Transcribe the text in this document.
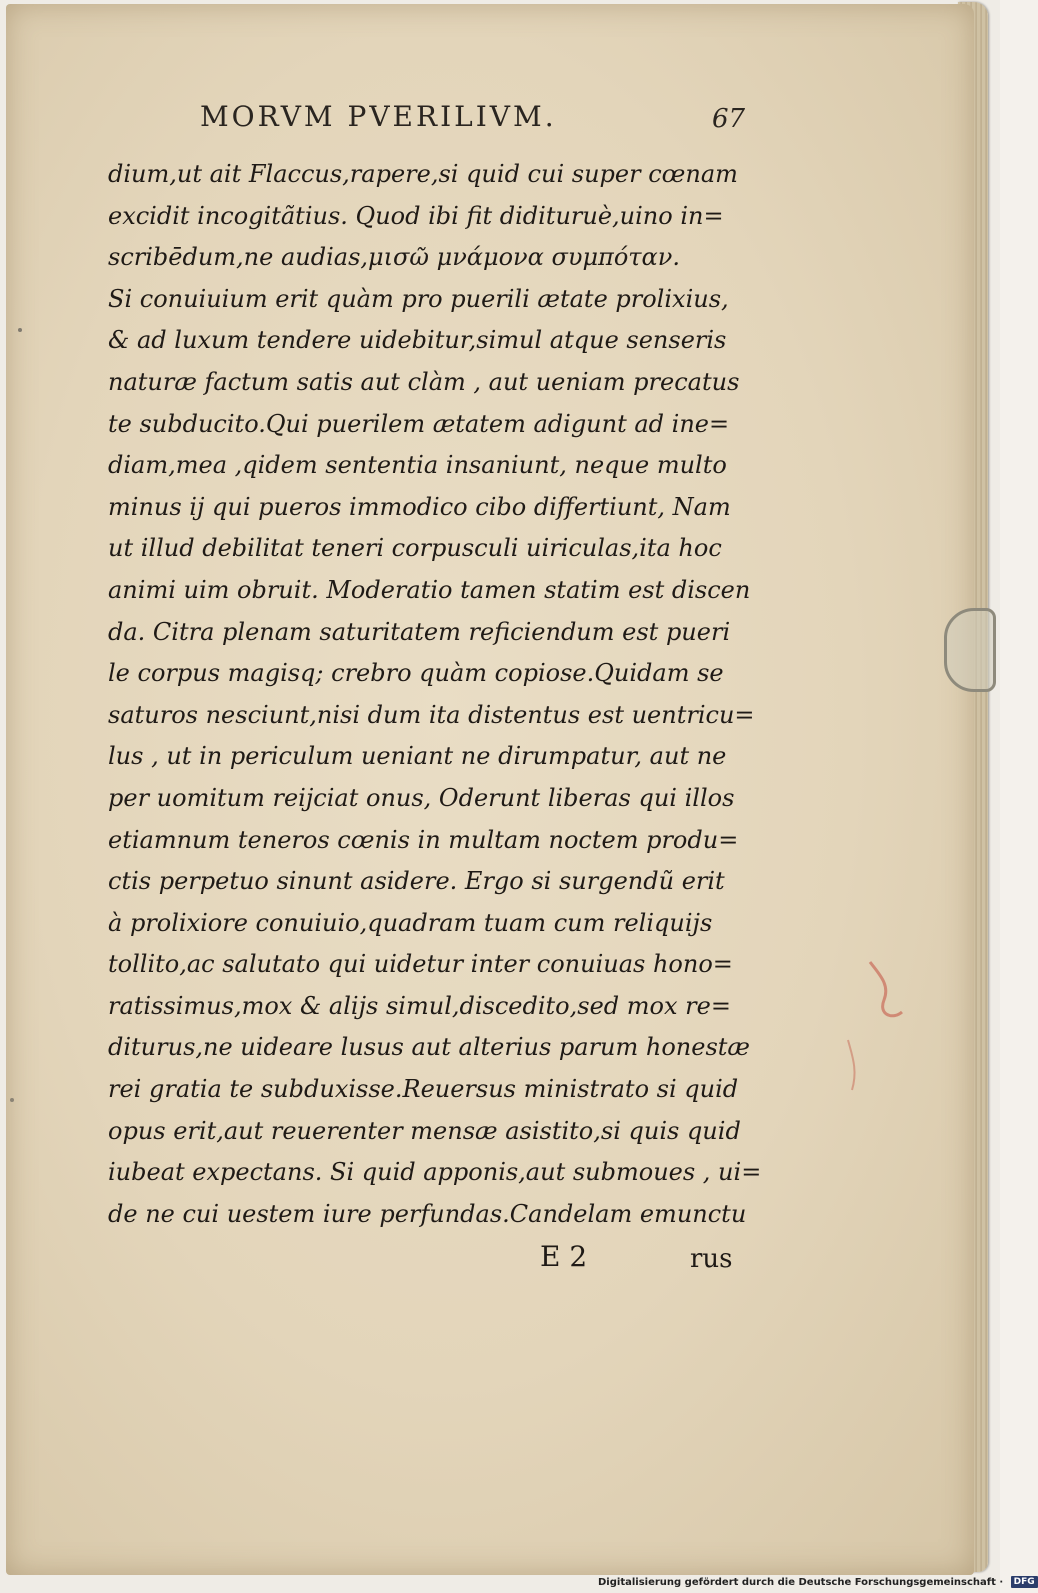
MORVM PVERILIVM.	67
dium,ut ait Flaccus,rapere,si quid cui super cœnam
excidit incogitãtius. Quod ibi fit didituruè,uino in=
scribēdum,ne audias,μισῶ μνάμονα συμπόταν.
Si conuiuium erit quàm pro puerili ætate prolixius,
& ad luxum tendere uidebitur,simul atque senseris
naturæ factum satis aut clàm , aut ueniam precatus
te subducito.Qui puerilem ætatem adigunt ad ine=
diam,mea ,qidem sententia insaniunt, neque multo
minus ij qui pueros immodico cibo differtiunt, Nam
ut illud debilitat teneri corpusculi uiriculas,ita hoc
animi uim obruit. Moderatio tamen statim est discen
da. Citra plenam saturitatem reficiendum est pueri
le corpus magisq; crebro quàm copiose.Quidam se
saturos nesciunt,nisi dum ita distentus est uentricu=
lus , ut in periculum ueniant ne dirumpatur, aut ne
per uomitum reijciat onus, Oderunt liberas qui illos
etiamnum teneros cœnis in multam noctem produ=
ctis perpetuo sinunt asidere. Ergo si surgendũ erit
à prolixiore conuiuio,quadram tuam cum reliquijs
tollito,ac salutato qui uidetur inter conuiuas hono=
ratissimus,mox & alijs simul,discedito,sed mox re=
diturus,ne uideare lusus aut alterius parum honestæ
rei gratia te subduxisse.Reuersus ministrato si quid
opus erit,aut reuerenter mensæ asistito,si quis quid
iubeat expectans. Si quid apponis,aut submoues , ui=
de ne cui uestem iure perfundas.Candelam emunctu
E 2	rus
Digitalisierung gefördert durch die Deutsche Forschungsgemeinschaft · DFG
